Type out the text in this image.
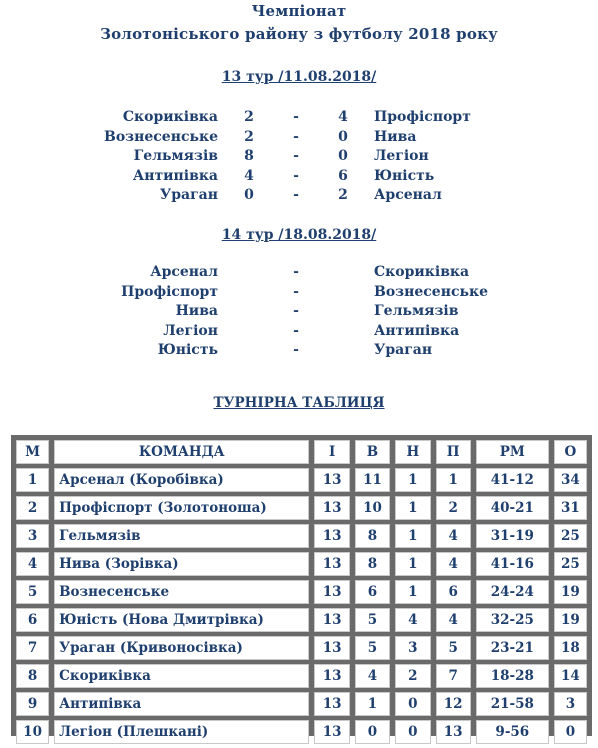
Чемпіонат
Золотоніського району з футболу 2018 року
13 тур /11.08.2018/
Скориківка 2	-	4 Профіспорт
Вознесенське 2	-	0 Нива
Гельмязів 8	-	0 Легіон
Антипівка 4	-	6 Юність
Ураган 0	-	2 Арсенал
14 тур /18.08.2018/
Арсенал	-	Скориківка
Профіспорт	-	Вознесенське
Нива	-	Гельмязів
Легіон	-	Антипівка
Юність	-	Ураган
ТУРНІРНА ТАБЛИЦЯ
М	КОМАНДА	І	В	Н	П	РМ	О
1	Арсенал (Коробівка)	13	11	1	1	41-12	34
2	Профіспорт (Золотоноша)	13	10	1	2	40-21	31
3	Гельмязів	13	8	1	4	31-19	25
4	Нива (Зорівка)	13	8	1	4	41-16	25
5	Вознесенське	13	6	1	6	24-24	19
6	Юність (Нова Дмитрівка)	13	5	4	4	32-25	19
7	Ураган (Кривоносівка)	13	5	3	5	23-21	18
8	Скориківка	13	4	2	7	18-28	14
9	Антипівка	13	1	0	12	21-58	3
10	Легіон (Плешкані)	13	0	0	13	9-56	0
